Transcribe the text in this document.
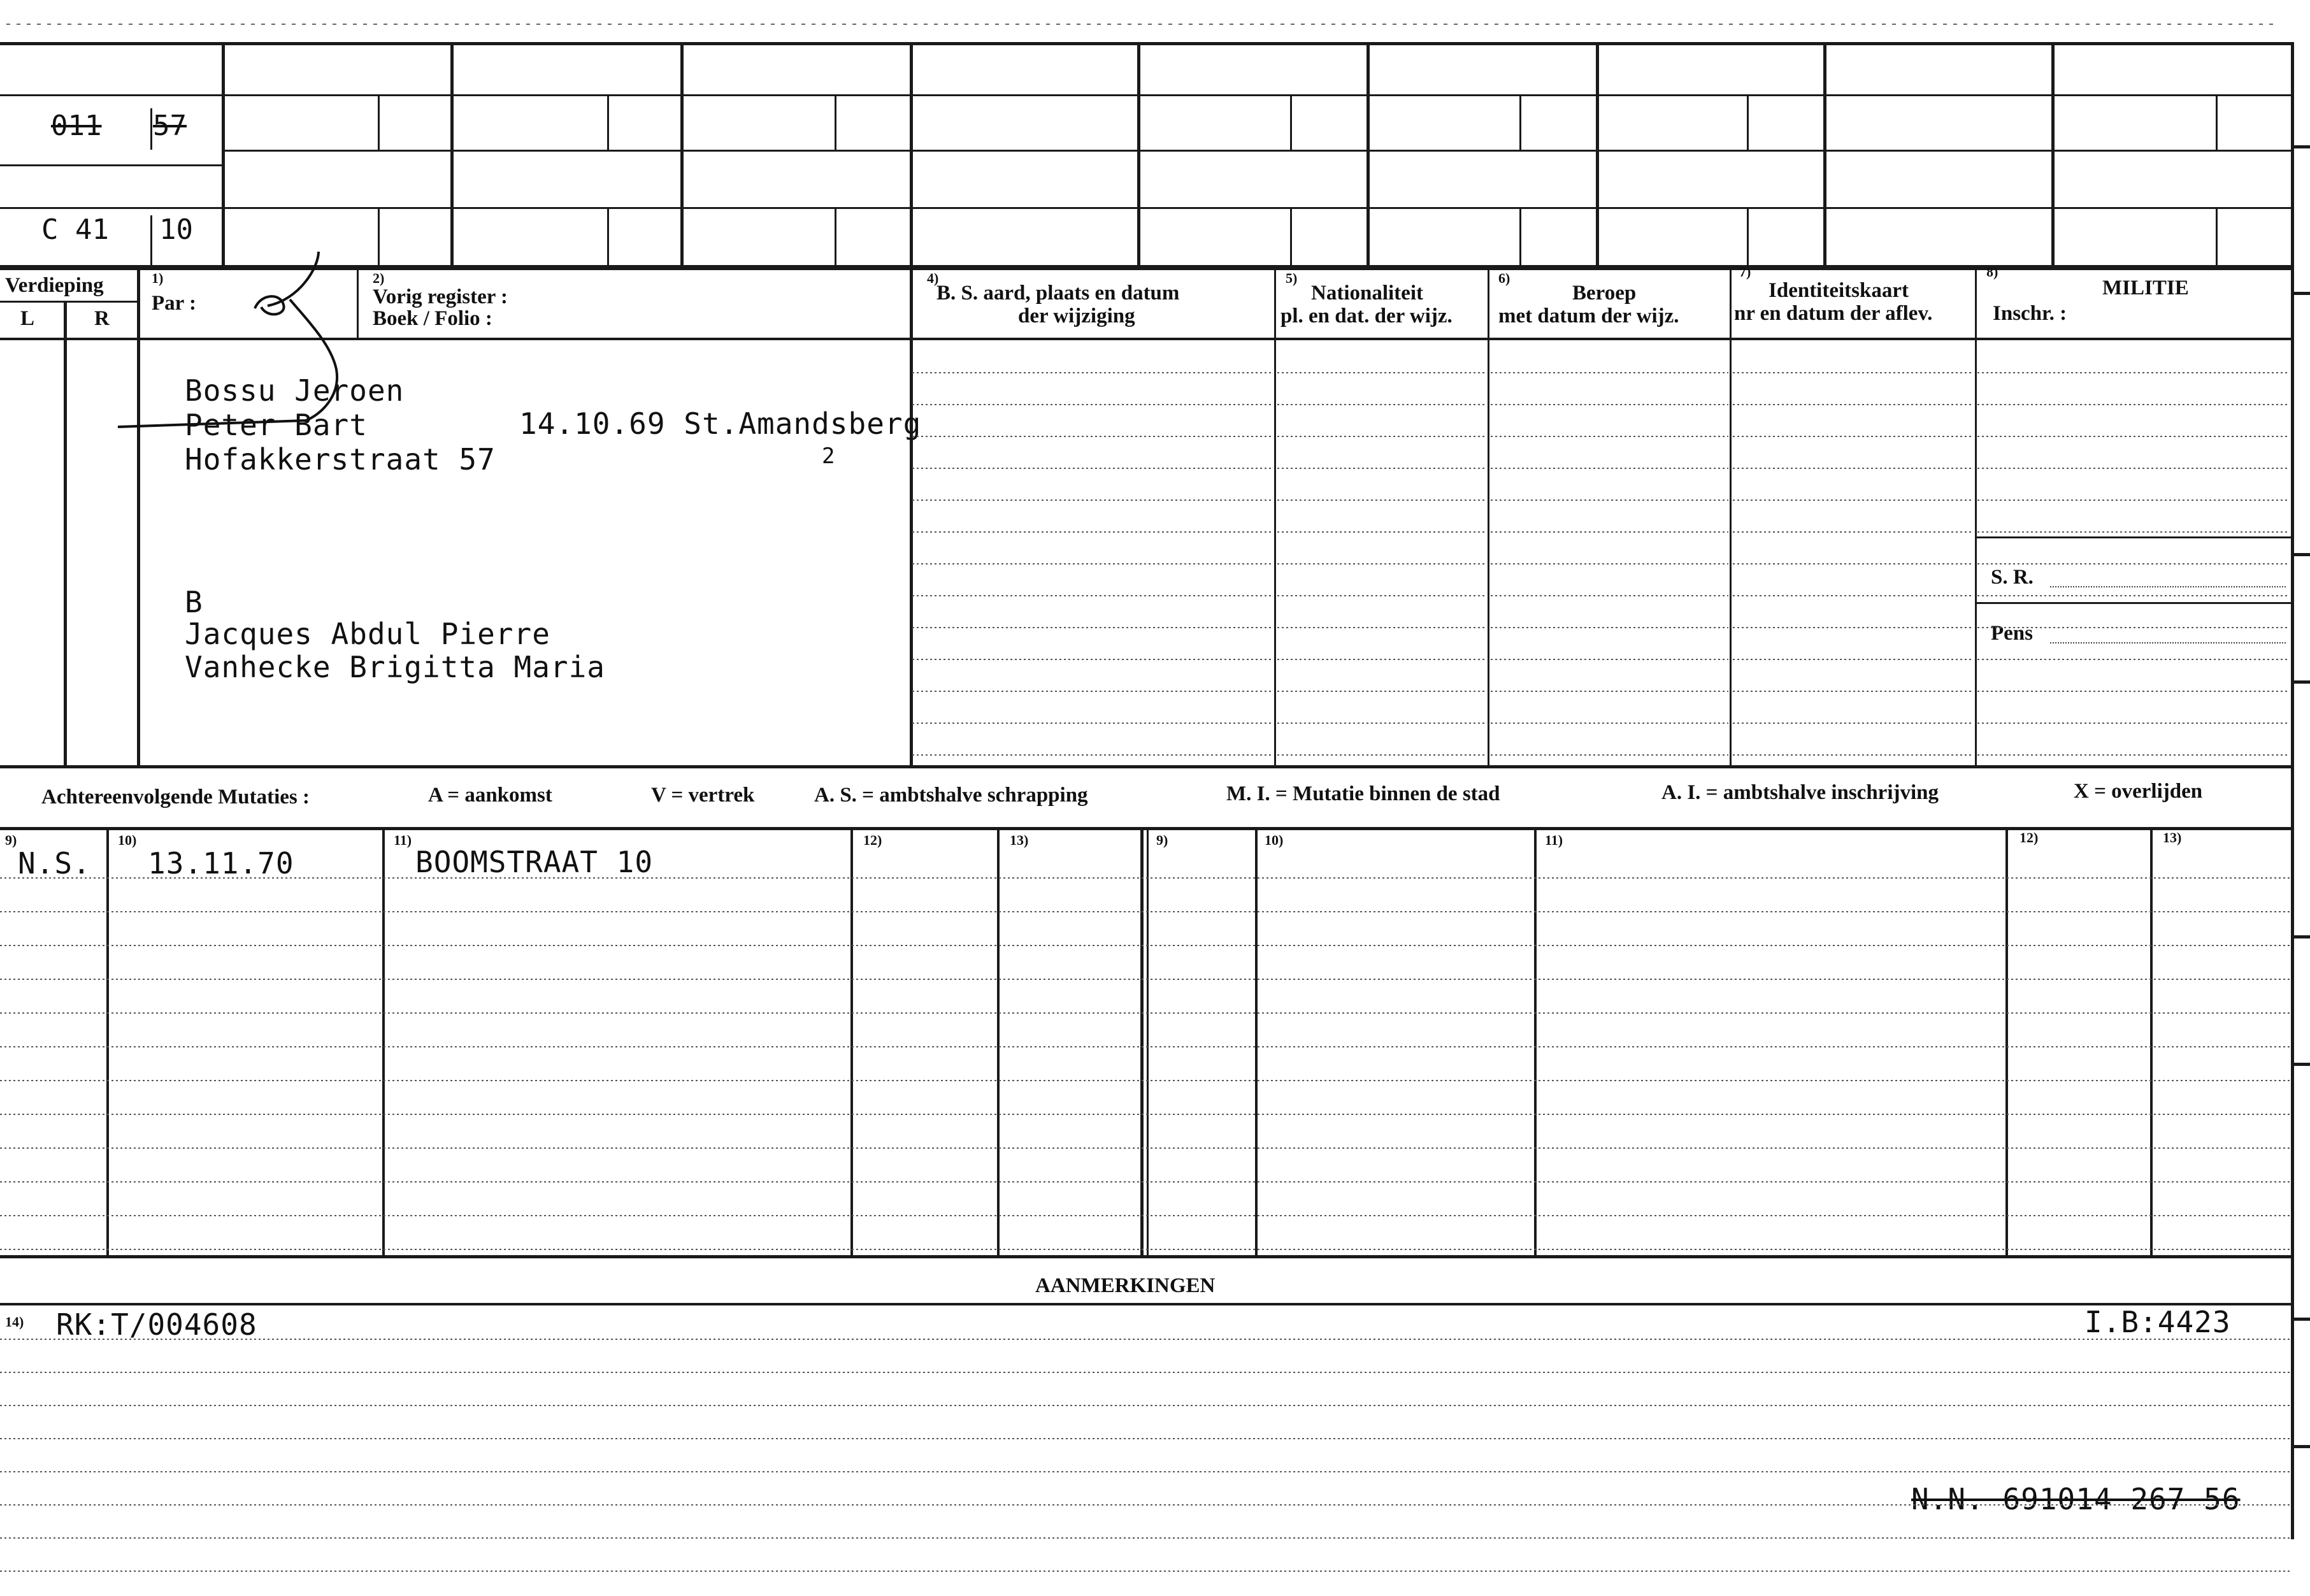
011 57
C 41 10
Verdieping
L	R
1)
Par :
2)
Vorig register :
Boek / Folio :
4)
B. S. aard, plaats en datum
der wijziging
5)
Nationaliteit
pl. en dat. der wijz.
6)
Beroep
met datum der wijz.
7)
Identiteitskaart
nr en datum der aflev.
8)
MILITIE
Inschr. :
Bossu Jeroen
Peter Bart	14.10.69 St.Amandsberg
Hofakkerstraat 57	2
B
Jacques Abdul Pierre
Vanhecke Brigitta Maria
S. R.
Pens
Achtereenvolgende Mutaties :	A = aankomst	V = vertrek	A. S. = ambtshalve schrapping	M. I. = Mutatie binnen de stad	A. I. = ambtshalve inschrijving	X = overlijden
9)	10)	11)	12)	13)	9)	10)	11)	12)	13)
N.S. 13.11.70	BOOMSTRAAT 10
AANMERKINGEN
14) RK:T/004608	I.B:4423
N.N. 691014 267 56
